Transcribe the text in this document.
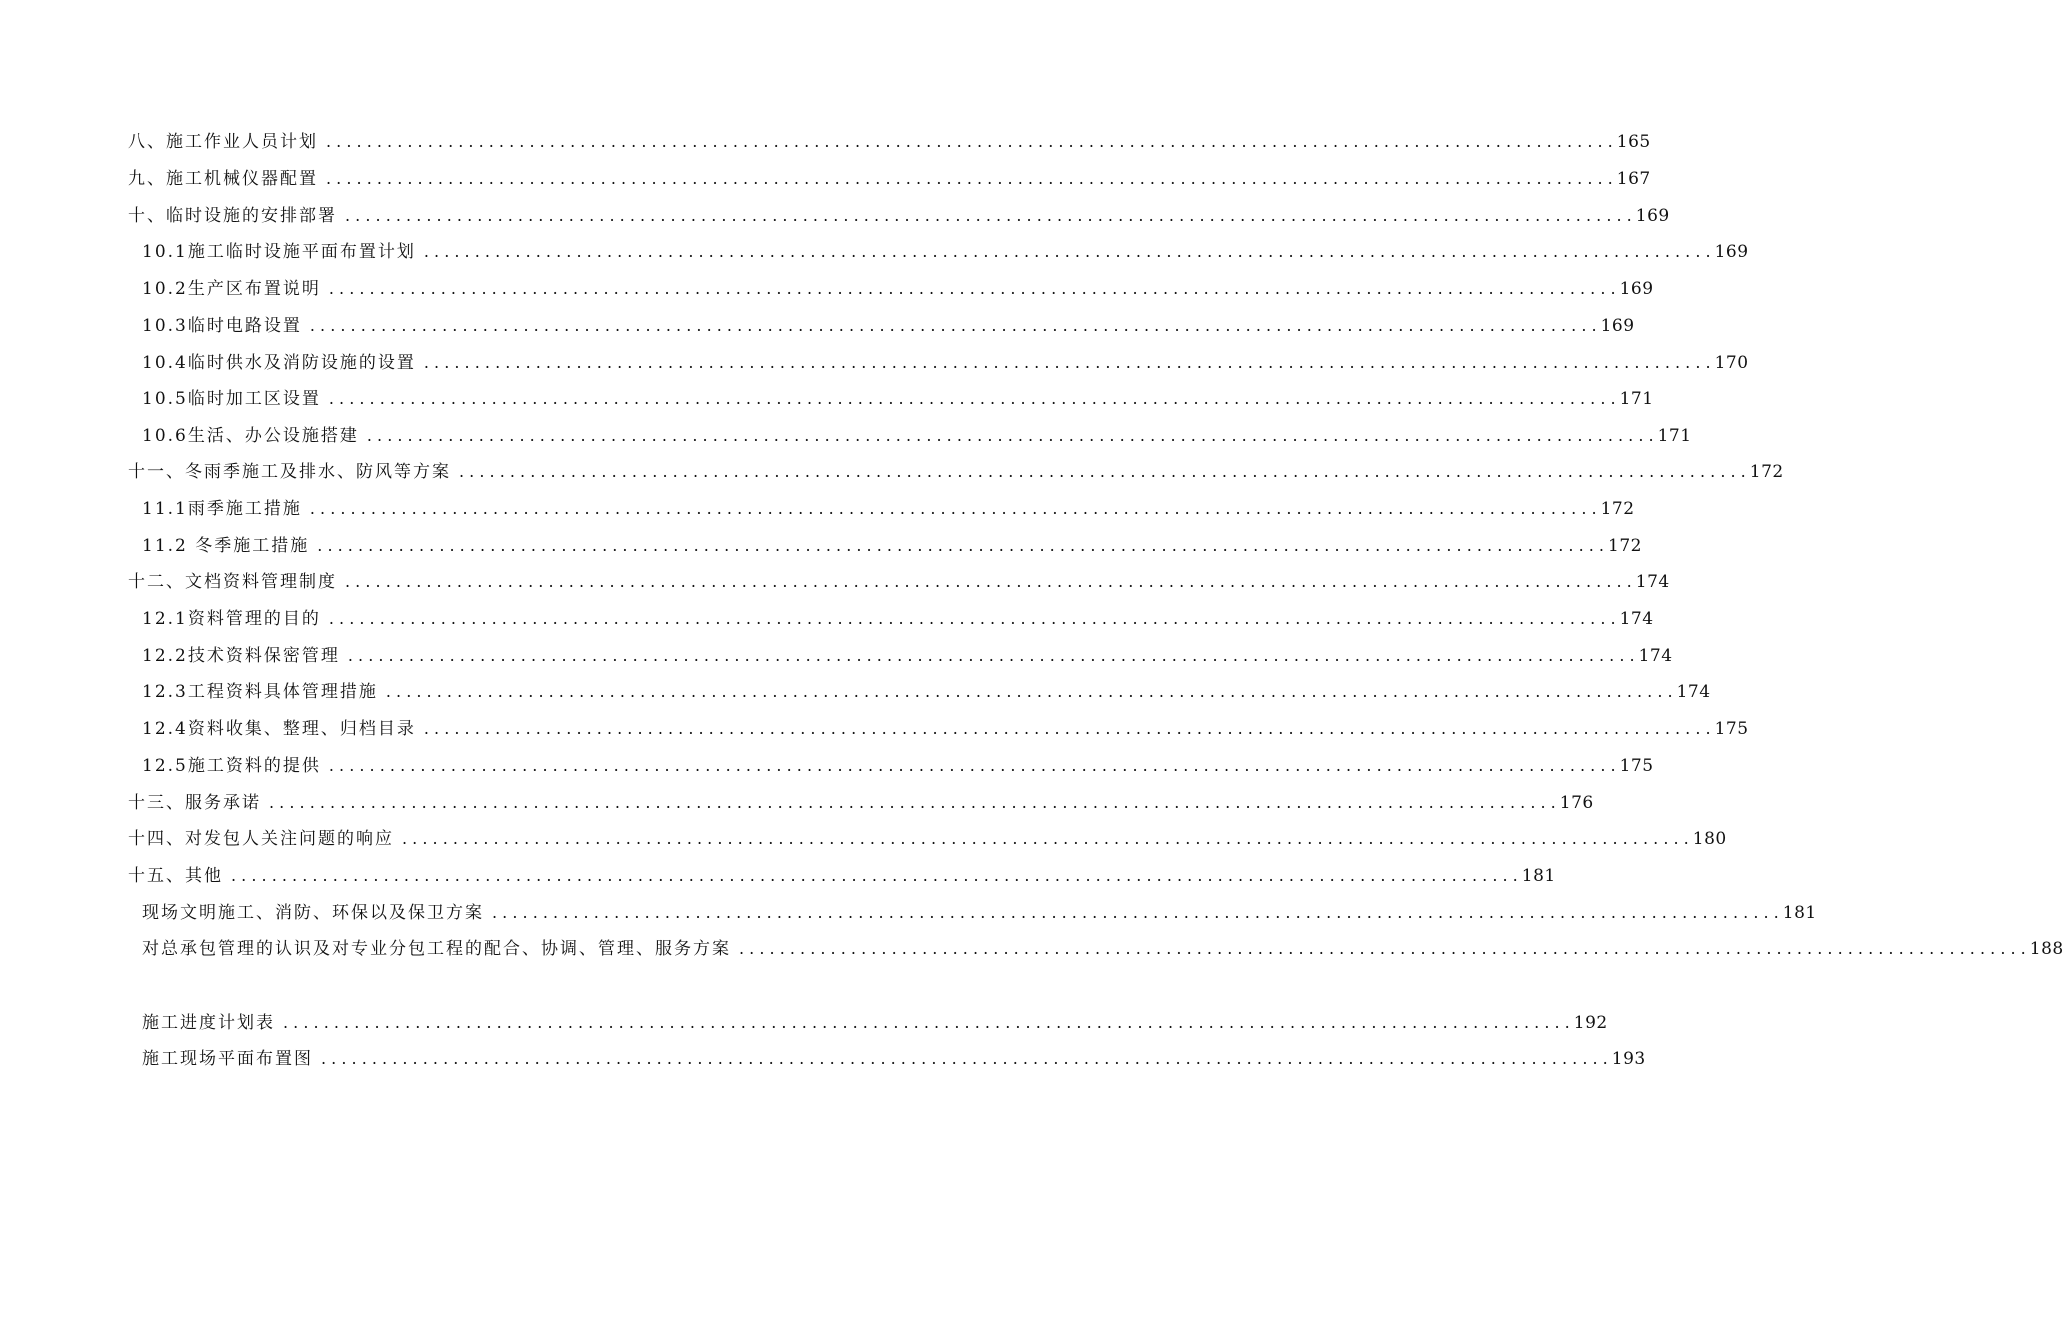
八、施工作业人员计划 . . .	165
九、施工机械仪器配置 . . .	167
十、临时设施的安排部署 . . .	169
10.1施工临时设施平面布置计划 . . .	169
10.2生产区布置说明 . . .	169
10.3临时电路设置 . . .	169
10.4临时供水及消防设施的设置 . . .	170
10.5临时加工区设置 . . .	171
10.6生活、办公设施搭建 . . .	171
十一、冬雨季施工及排水、防风等方案 . . .	172
11.1雨季施工措施 . . .	172
11.2 冬季施工措施 . . .	172
十二、文档资料管理制度 . . .	174
12.1资料管理的目的 . . .	174
12.2技术资料保密管理 . . .	174
12.3工程资料具体管理措施 . . .	174
12.4资料收集、整理、归档目录 . . .	175
12.5施工资料的提供 . . .	175
十三、服务承诺 . . .	176
十四、对发包人关注问题的响应 . . .	180
十五、其他 . . .	181
现场文明施工、消防、环保以及保卫方案 . . .	181
对总承包管理的认识及对专业分包工程的配合、协调、管理、服务方案 . . .	188
施工进度计划表 . . .	192
施工现场平面布置图 . . .	193
